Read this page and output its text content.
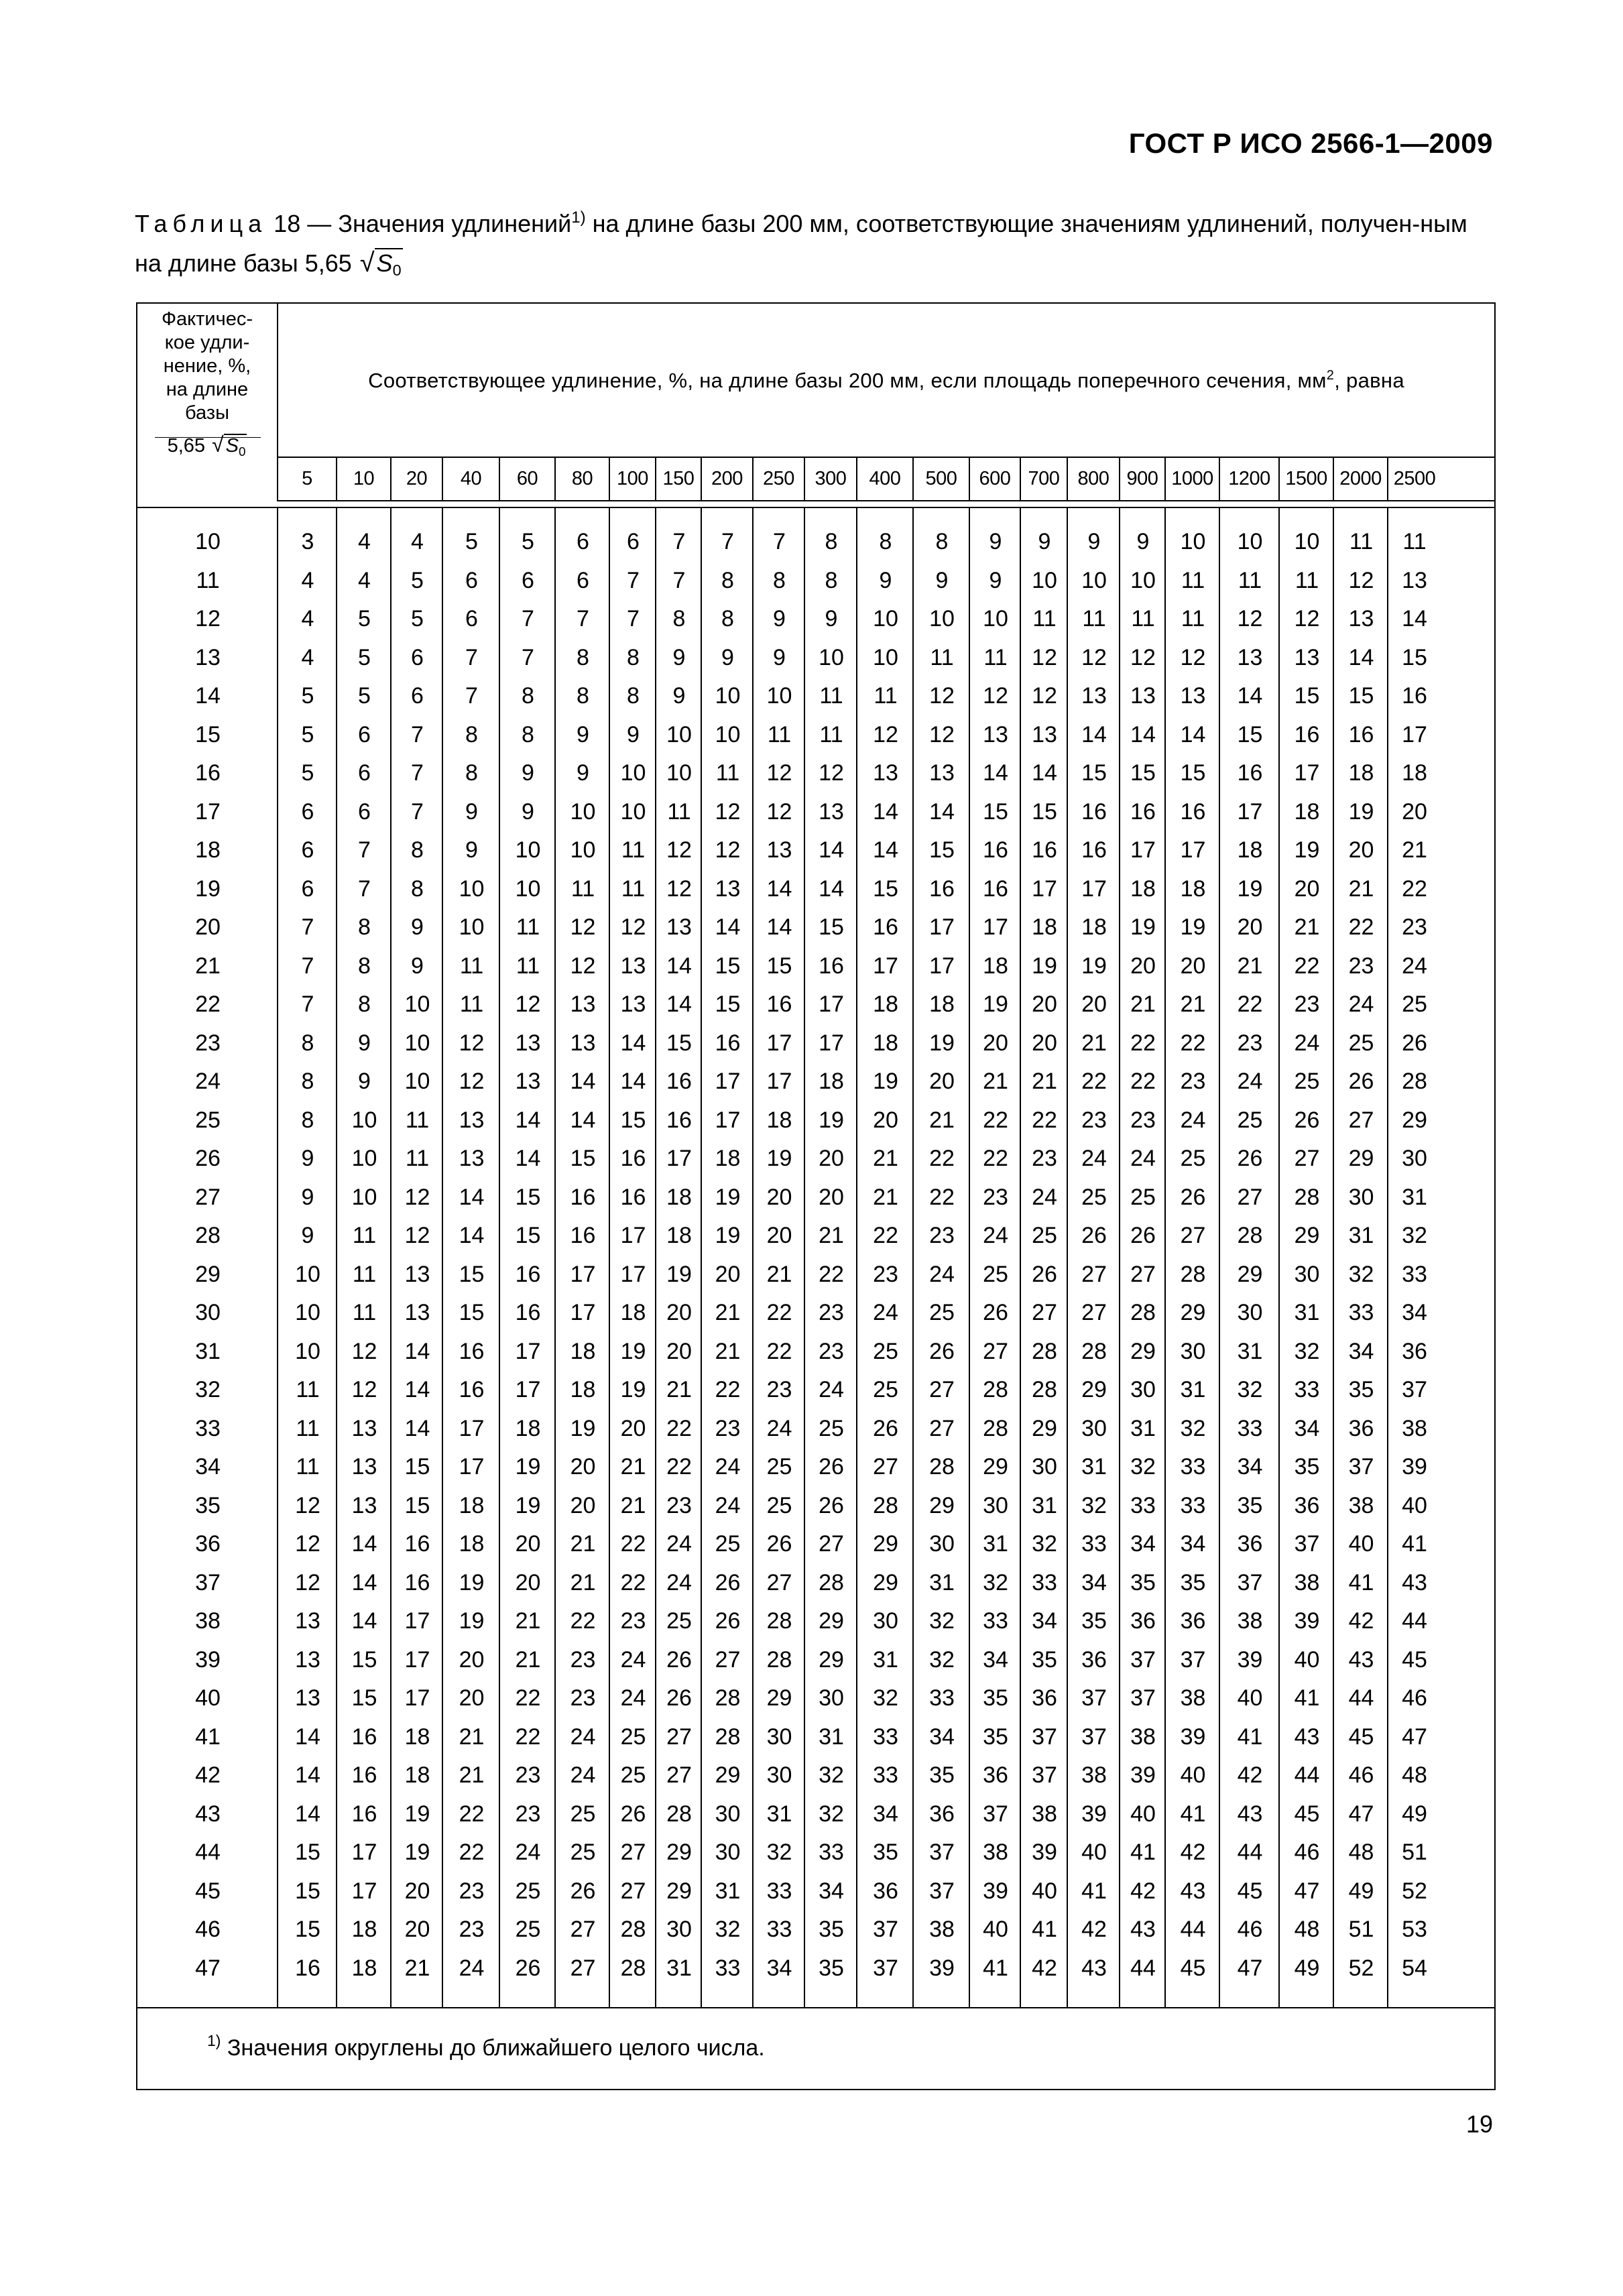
ГОСТ Р ИСО 2566-1—2009
Таблица 18 — Значения удлинений$^{1)}$ на длине базы 200 мм, соответствующие значениям удлинений, получен-ным на длине базы 5,65 $√S_0$
Фактичес-
кое удли-
нение, %,
на длине
базы
5,65 √ $S_0$
Соответствующее удлинение, %, на длине базы 200 мм, если площадь поперечного сечения, $мм^2$, равна
5	10	20	40	60	80	100 150 200	250	300	400	500	600 700 800 900 1000 1200 1500 2000 2500
10	3	4	4	5	5	6	6	7	7	7	8	8	8	9	9	9	9	10	10	10	11	11
11	4	4	5	6	6	6	7	7	8	8	8	9	9	9	10	10	10	11	11	11	12	13
12	4	5	5	6	7	7	7	8	8	9	9	10	10	10	11	11	11	11	12	12	13	14
13	4	5	6	7	7	8	8	9	9	9	10	10	11	11	12	12	12	12	13	13	14	15
14	5	5	6	7	8	8	8	9	10	10	11	11	12	12	12	13	13	13	14	15	15	16
15	5	6	7	8	8	9	9	10	10	11	11	12	12	13	13	14	14	14	15	16	16	17
16	5	6	7	8	9	9	10 10	11	12	12	13	13	14	14	15	15	15	16	17	18	18
17	6	6	7	9	9	10	10 11	12	12	13	14	14	15	15	16	16	16	17	18	19	20
18	6	7	8	9	10	10	11 12	12	13	14	14	15	16	16	16	17	17	18	19	20	21
19	6	7	8	10	10	11	11 12	13	14	14	15	16	16	17	17	18	18	19	20	21	22
20	7	8	9	10	11	12	12 13	14	14	15	16	17	17	18	18	19	19	20	21	22	23
21	7	8	9	11	11	12	13 14	15	15	16	17	17	18	19	19	20	20	21	22	23	24
22	7	8	10	11	12	13	13 14	15	16	17	18	18	19	20	20	21	21	22	23	24	25
23	8	9	10	12	13	13	14 15	16	17	17	18	19	20	20	21	22	22	23	24	25	26
24	8	9	10	12	13	14	14 16	17	17	18	19	20	21	21	22	22	23	24	25	26	28
25	8	10	11	13	14	14	15 16	17	18	19	20	21	22	22	23	23	24	25	26	27	29
26	9	10	11	13	14	15	16 17	18	19	20	21	22	22	23	24	24	25	26	27	29	30
27	9	10	12	14	15	16	16 18	19	20	20	21	22	23	24	25	25	26	27	28	30	31
28	9	11	12	14	15	16	17 18	19	20	21	22	23	24	25	26	26	27	28	29	31	32
29	10	11	13	15	16	17	17 19	20	21	22	23	24	25	26	27	27	28	29	30	32	33
30	10	11	13	15	16	17	18 20	21	22	23	24	25	26	27	27	28	29	30	31	33	34
31	10	12	14	16	17	18	19 20	21	22	23	25	26	27	28	28	29	30	31	32	34	36
32	11	12	14	16	17	18	19 21	22	23	24	25	27	28	28	29	30	31	32	33	35	37
33	11	13	14	17	18	19	20 22	23	24	25	26	27	28	29	30	31	32	33	34	36	38
34	11	13	15	17	19	20	21 22	24	25	26	27	28	29	30	31	32	33	34	35	37	39
35	12	13	15	18	19	20	21 23	24	25	26	28	29	30	31	32	33	33	35	36	38	40
36	12	14	16	18	20	21	22 24	25	26	27	29	30	31	32	33	34	34	36	37	40	41
37	12	14	16	19	20	21	22 24	26	27	28	29	31	32	33	34	35	35	37	38	41	43
38	13	14	17	19	21	22	23 25	26	28	29	30	32	33	34	35	36	36	38	39	42	44
39	13	15	17	20	21	23	24 26	27	28	29	31	32	34	35	36	37	37	39	40	43	45
40	13	15	17	20	22	23	24 26	28	29	30	32	33	35	36	37	37	38	40	41	44	46
41	14	16	18	21	22	24	25 27	28	30	31	33	34	35	37	37	38	39	41	43	45	47
42	14	16	18	21	23	24	25 27	29	30	32	33	35	36	37	38	39	40	42	44	46	48
43	14	16	19	22	23	25	26 28	30	31	32	34	36	37	38	39	40	41	43	45	47	49
44	15	17	19	22	24	25	27 29	30	32	33	35	37	38	39	40	41	42	44	46	48	51
45	15	17	20	23	25	26	27 29	31	33	34	36	37	39	40	41	42	43	45	47	49	52
46	15	18	20	23	25	27	28 30	32	33	35	37	38	40	41	42	43	44	46	48	51	53
47	16	18	21	24	26	27	28 31	33	34	35	37	39	41	42	43	44	45	47	49	52	54
$^{1)}$ Значения округлены до ближайшего целого числа.
19
